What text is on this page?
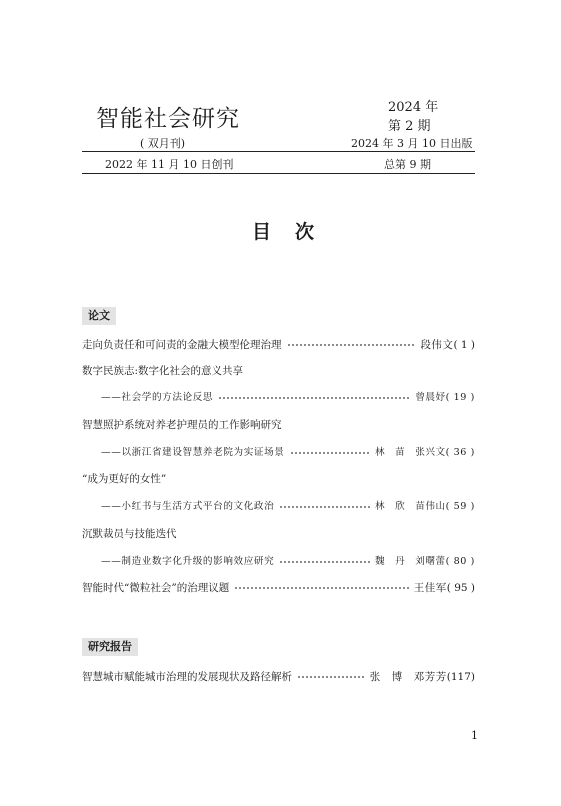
智能社会研究	2024 年
第 2 期
( 双月刊)	2024 年 3 月 10 日出版
2022 年 11 月 10 日创刊	总第 9 期
目 次
论文
走向负责任和可问责的金融大模型伦理治理	段伟文 ( 1 )
数字民族志:数字化社会的意义共享
——社会学的方法论反思	曾晨妤 ( 19 )
智慧照护系统对养老护理员的工作影响研究
——以浙江省建设智慧养老院为实证场景	林　苗　张兴文 ( 36 )
“成为更好的女性”
——小红书与生活方式平台的文化政治	林　欣　苗伟山 ( 59 )
沉默裁员与技能迭代
——制造业数字化升级的影响效应研究	魏　丹　刘曙蕾 ( 80 )
智能时代“微粒社会”的治理议题	王佳军 ( 95 )
研究报告
智慧城市赋能城市治理的发展现状及路径解析	张　博　邓芳芳 (117)
1
